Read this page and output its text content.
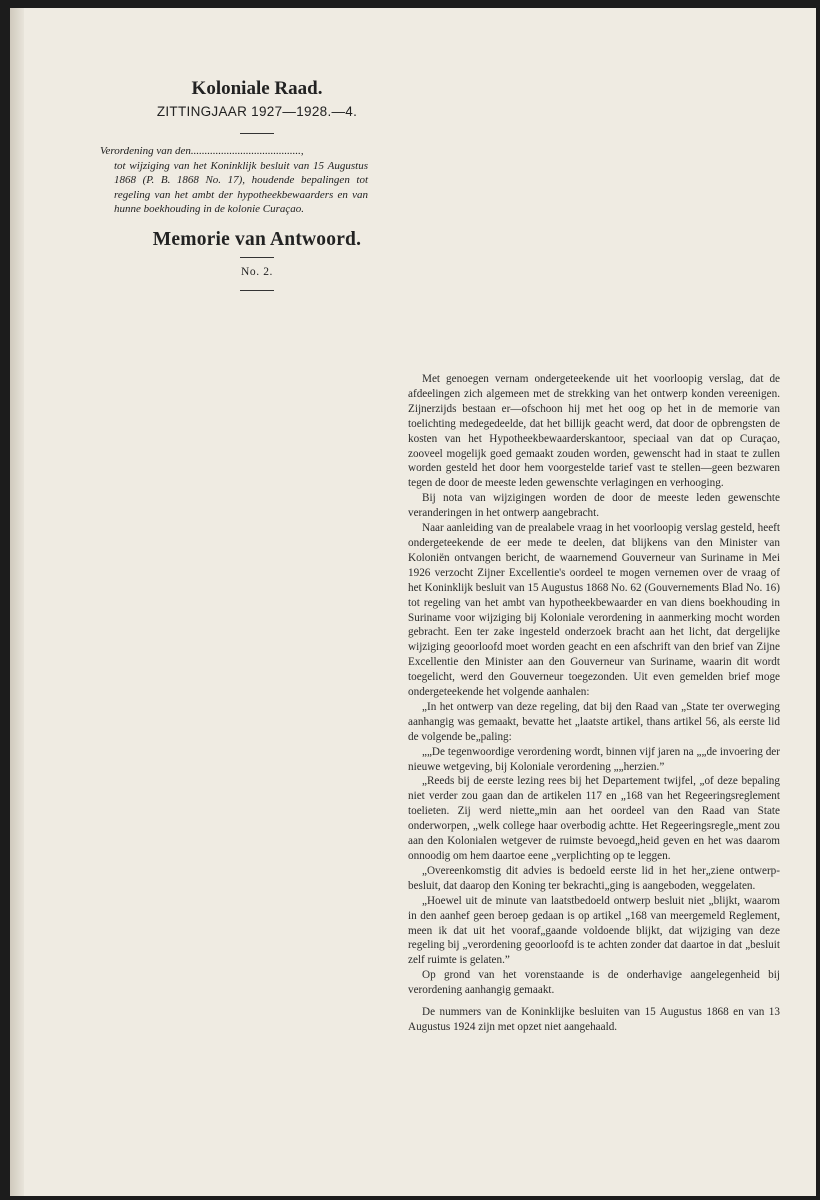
Koloniale Raad.

ZITTINGJAAR 1927—1928.—4.

Verordening van den........................................,
tot wijziging van het Koninklijk besluit van 15 Augustus 1868 (P. B. 1868 No. 17), houdende bepalingen tot regeling van het ambt der hypotheekbewaarders en van hunne boekhouding in de kolonie Curaçao.

Memorie van Antwoord.

No. 2.

Met genoegen vernam ondergeteekende uit het voorloopig verslag, dat de afdeelingen zich algemeen met de strekking van het ontwerp konden vereenigen. Zijnerzijds bestaan er—ofschoon hij met het oog op het in de memorie van toelichting medegedeelde, dat het billijk geacht werd, dat door de opbrengsten de kosten van het Hypotheekbewaarderskantoor, speciaal van dat op Curaçao, zooveel mogelijk goed gemaakt zouden worden, gewenscht had in staat te zullen worden gesteld het door hem voorgestelde tarief vast te stellen—geen bezwaren tegen de door de meeste leden gewenschte verlagingen en verhooging.

Bij nota van wijzigingen worden de door de meeste leden gewenschte veranderingen in het ontwerp aangebracht.

Naar aanleiding van de prealabele vraag in het voorloopig verslag gesteld, heeft ondergeteekende de eer mede te deelen, dat blijkens van den Minister van Koloniën ontvangen bericht, de waarnemend Gouverneur van Suriname in Mei 1926 verzocht Zijner Excellentie's oordeel te mogen vernemen over de vraag of het Koninklijk besluit van 15 Augustus 1868 No. 62 (Gouvernements Blad No. 16) tot regeling van het ambt van hypotheekbewaarder en van diens boekhouding in Suriname voor wijziging bij Koloniale verordening in aanmerking mocht worden gebracht. Een ter zake ingesteld onderzoek bracht aan het licht, dat dergelijke wijziging geoorloofd moet worden geacht en een afschrift van den brief van Zijne Excellentie den Minister aan den Gouverneur van Suriname, waarin dit wordt toegelicht, werd den Gouverneur toegezonden. Uit even gemelden brief moge ondergeteekende het volgende aanhalen:

„In het ontwerp van deze regeling, dat bij den Raad van „State ter overweging aanhangig was gemaakt, bevatte het „laatste artikel, thans artikel 56, als eerste lid de volgende be„paling:

„„De tegenwoordige verordening wordt, binnen vijf jaren na „„de invoering der nieuwe wetgeving, bij Koloniale verordening „„herzien.”

„Reeds bij de eerste lezing rees bij het Departement twijfel, „of deze bepaling niet verder zou gaan dan de artikelen 117 en „168 van het Regeeringsreglement toelieten. Zij werd niette„min aan het oordeel van den Raad van State onderworpen, „welk college haar overbodig achtte. Het Regeeringsregle„ment zou aan den Kolonialen wetgever de ruimste bevoegd„heid geven en het was daarom onnoodig om hem daartoe eene „verplichting op te leggen.

„Overeenkomstig dit advies is bedoeld eerste lid in het her„ziene ontwerp-besluit, dat daarop den Koning ter bekrachti„ging is aangeboden, weggelaten.

„Hoewel uit de minute van laatstbedoeld ontwerp besluit niet „blijkt, waarom in den aanhef geen beroep gedaan is op artikel „168 van meergemeld Reglement, meen ik dat uit het vooraf„gaande voldoende blijkt, dat wijziging van deze regeling bij „verordening geoorloofd is te achten zonder dat daartoe in dat „besluit zelf ruimte is gelaten.”

Op grond van het vorenstaande is de onderhavige aangelegenheid bij verordening aanhangig gemaakt.

De nummers van de Koninklijke besluiten van 15 Augustus 1868 en van 13 Augustus 1924 zijn met opzet niet aangehaald.
